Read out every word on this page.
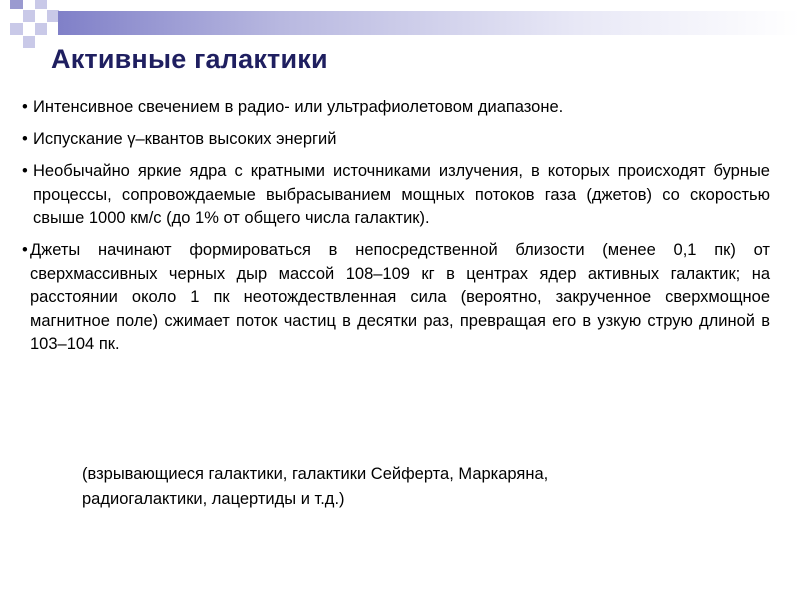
Активные галактики
• Интенсивное свечением в радио- или ультрафиолетовом диапазоне.
• Испускание γ–квантов высоких энергий
• Необычайно яркие ядра с кратными источниками излучения, в которых происходят бурные процессы, сопровождаемые выбрасыванием мощных потоков газа (джетов) со скоростью свыше 1000 км/с (до 1% от общего числа галактик).
• Джеты начинают формироваться в непосредственной близости (менее 0,1 пк) от сверхмассивных черных дыр массой 108–109 кг в центрах ядер активных галактик; на расстоянии около 1 пк неотождествленная сила (вероятно, закрученное сверхмощное магнитное поле) сжимает поток частиц в десятки раз, превращая его в узкую струю длиной в 103–104 пк.
(взрывающиеся галактики, галактики Сейферта, Маркаряна,
радиогалактики, лацертиды и т.д.)
